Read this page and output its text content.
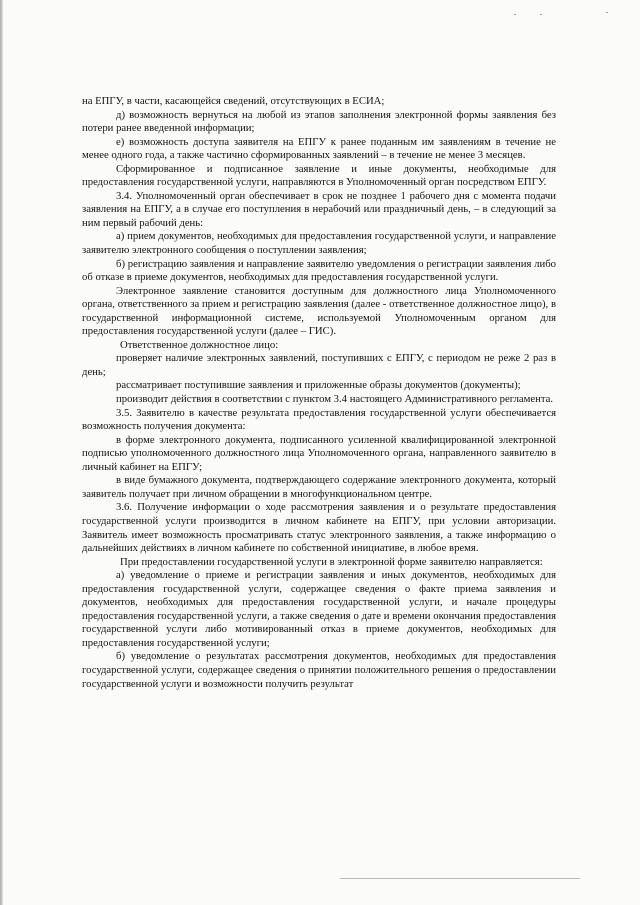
на ЕПГУ, в части, касающейся сведений, отсутствующих в ЕСИА;

д) возможность вернуться на любой из этапов заполнения электронной формы заявления без потери ранее введенной информации;

е) возможность доступа заявителя на ЕПГУ к ранее поданным им заявлениям в течение не менее одного года, а также частично сформированных заявлений – в течение не менее 3 месяцев.

Сформированное и подписанное заявление и иные документы, необходимые для предоставления государственной услуги, направляются в Уполномоченный орган посредством ЕПГУ.

3.4. Уполномоченный орган обеспечивает в срок не позднее 1 рабочего дня с момента подачи заявления на ЕПГУ, а в случае его поступления в нерабочий или праздничный день, – в следующий за ним первый рабочий день:

а) прием документов, необходимых для предоставления государственной услуги, и направление заявителю электронного сообщения о поступлении заявления;

б) регистрацию заявления и направление заявителю уведомления о регистрации заявления либо об отказе в приеме документов, необходимых для предоставления государственной услуги.

Электронное заявление становится доступным для должностного лица Уполномоченного органа, ответственного за прием и регистрацию заявления (далее - ответственное должностное лицо), в государственной информационной системе, используемой Уполномоченным органом для предоставления государственной услуги (далее – ГИС).

Ответственное должностное лицо:

проверяет наличие электронных заявлений, поступивших с ЕПГУ, с периодом не реже 2 раз в день;

рассматривает поступившие заявления и приложенные образы документов (документы);

производит действия в соответствии с пунктом 3.4 настоящего Административного регламента.

3.5. Заявителю в качестве результата предоставления государственной услуги обеспечивается возможность получения документа:

в форме электронного документа, подписанного усиленной квалифицированной электронной подписью уполномоченного должностного лица Уполномоченного органа, направленного заявителю в личный кабинет на ЕПГУ;

в виде бумажного документа, подтверждающего содержание электронного документа, который заявитель получает при личном обращении в многофункциональном центре.

3.6. Получение информации о ходе рассмотрения заявления и о результате предоставления государственной услуги производится в личном кабинете на ЕПГУ, при условии авторизации. Заявитель имеет возможность просматривать статус электронного заявления, а также информацию о дальнейших действиях в личном кабинете по собственной инициативе, в любое время.

При предоставлении государственной услуги в электронной форме заявителю направляется:

а) уведомление о приеме и регистрации заявления и иных документов, необходимых для предоставления государственной услуги, содержащее сведения о факте приема заявления и документов, необходимых для предоставления государственной услуги, и начале процедуры предоставления государственной услуги, а также сведения о дате и времени окончания предоставления государственной услуги либо мотивированный отказ в приеме документов, необходимых для предоставления государственной услуги;

б) уведомление о результатах рассмотрения документов, необходимых для предоставления государственной услуги, содержащее сведения о принятии положительного решения о предоставлении государственной услуги и возможности получить результат
